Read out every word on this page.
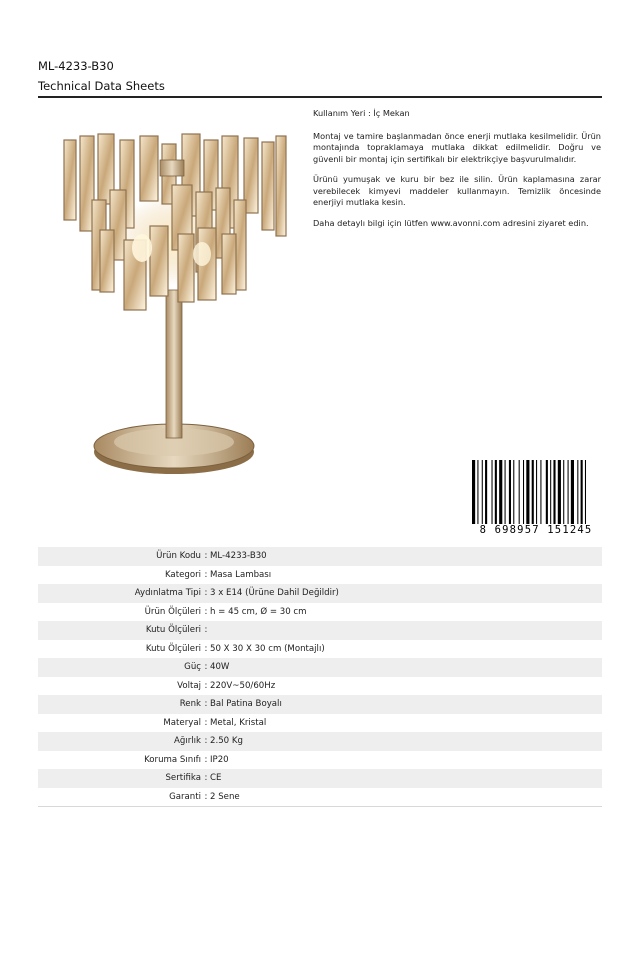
ML-4233-B30
Technical Data Sheets

Kullanım Yeri : İç Mekan

Montaj ve tamire başlanmadan önce enerji mutlaka kesilmelidir. Ürün montajında topraklamaya mutlaka dikkat edilmelidir. Doğru ve güvenli bir montaj için sertifikalı bir elektrikçiye başvurulmalıdır.

Ürünü yumuşak ve kuru bir bez ile silin. Ürün kaplamasına zarar verebilecek kimyevi maddeler kullanmayın. Temizlik öncesinde enerjiyi mutlaka kesin.

Daha detaylı bilgi için lütfen www.avonni.com adresini ziyaret edin.

8 698957 151245
Ürün Kodu : ML-4233-B30
Kategori : Masa Lambası
Aydınlatma Tipi : 3 x E14 (Ürüne Dahil Değildir)
Ürün Ölçüleri : h = 45 cm, Ø = 30 cm
Kutu Ölçüleri :
Kutu Ölçüleri : 50 X 30 X 30 cm (Montajlı)
Güç : 40W
Voltaj : 220V~50/60Hz
Renk : Bal Patina Boyalı
Materyal : Metal, Kristal
Ağırlık : 2.50 Kg
Koruma Sınıfı : IP20
Sertifika : CE
Garanti : 2 Sene
